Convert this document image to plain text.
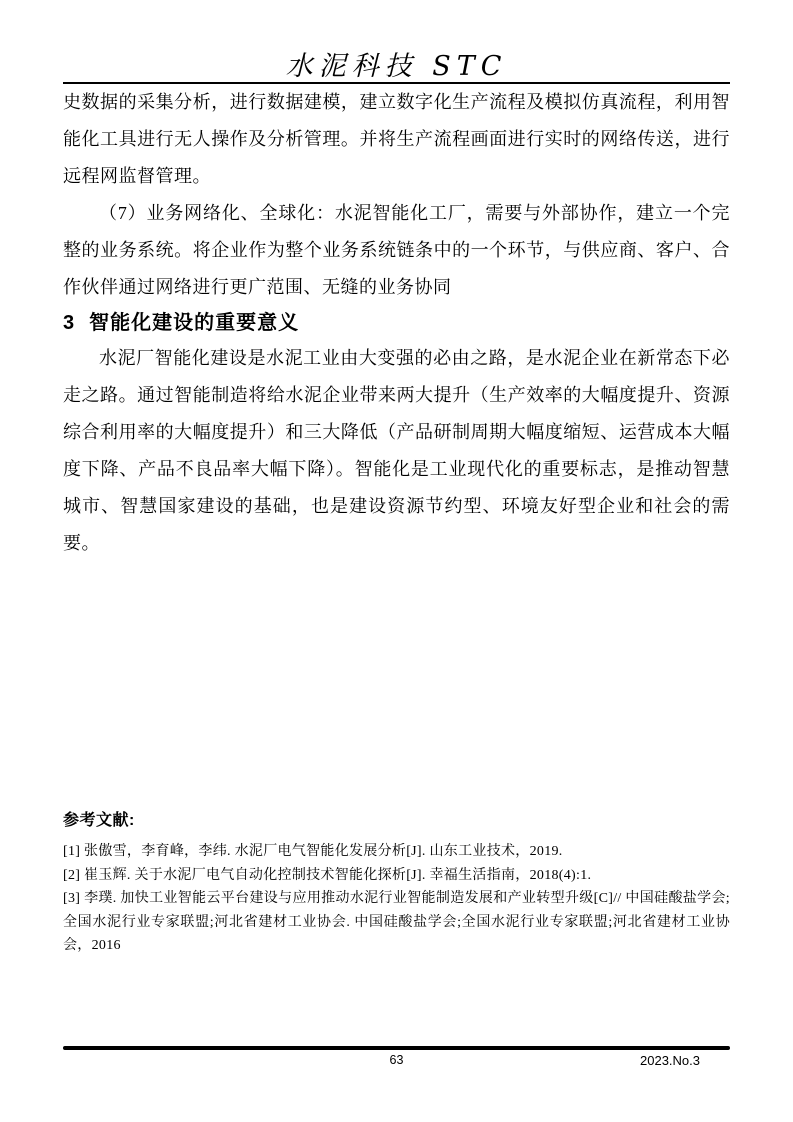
水泥科技 STC

史数据的采集分析，进行数据建模，建立数字化生产流程及模拟仿真流程，利用智能化工具进行无人操作及分析管理。并将生产流程画面进行实时的网络传送，进行远程网监督管理。

（7）业务网络化、全球化：水泥智能化工厂，需要与外部协作，建立一个完整的业务系统。将企业作为整个业务系统链条中的一个环节，与供应商、客户、合作伙伴通过网络进行更广范围、无缝的业务协同

3 智能化建设的重要意义

水泥厂智能化建设是水泥工业由大变强的必由之路，是水泥企业在新常态下必走之路。通过智能制造将给水泥企业带来两大提升（生产效率的大幅度提升、资源综合利用率的大幅度提升）和三大降低（产品研制周期大幅度缩短、运营成本大幅度下降、产品不良品率大幅下降）。智能化是工业现代化的重要标志，是推动智慧城市、智慧国家建设的基础，也是建设资源节约型、环境友好型企业和社会的需要。

参考文献:

[1] 张傲雪，李育峰，李纬. 水泥厂电气智能化发展分析[J]. 山东工业技术，2019.

[2] 崔玉辉. 关于水泥厂电气自动化控制技术智能化探析[J]. 幸福生活指南，2018(4):1.

[3] 李璞. 加快工业智能云平台建设与应用推动水泥行业智能制造发展和产业转型升级[C]// 中国硅酸盐学会;全国水泥行业专家联盟;河北省建材工业协会. 中国硅酸盐学会;全国水泥行业专家联盟;河北省建材工业协会，2016

63	2023.No.3
